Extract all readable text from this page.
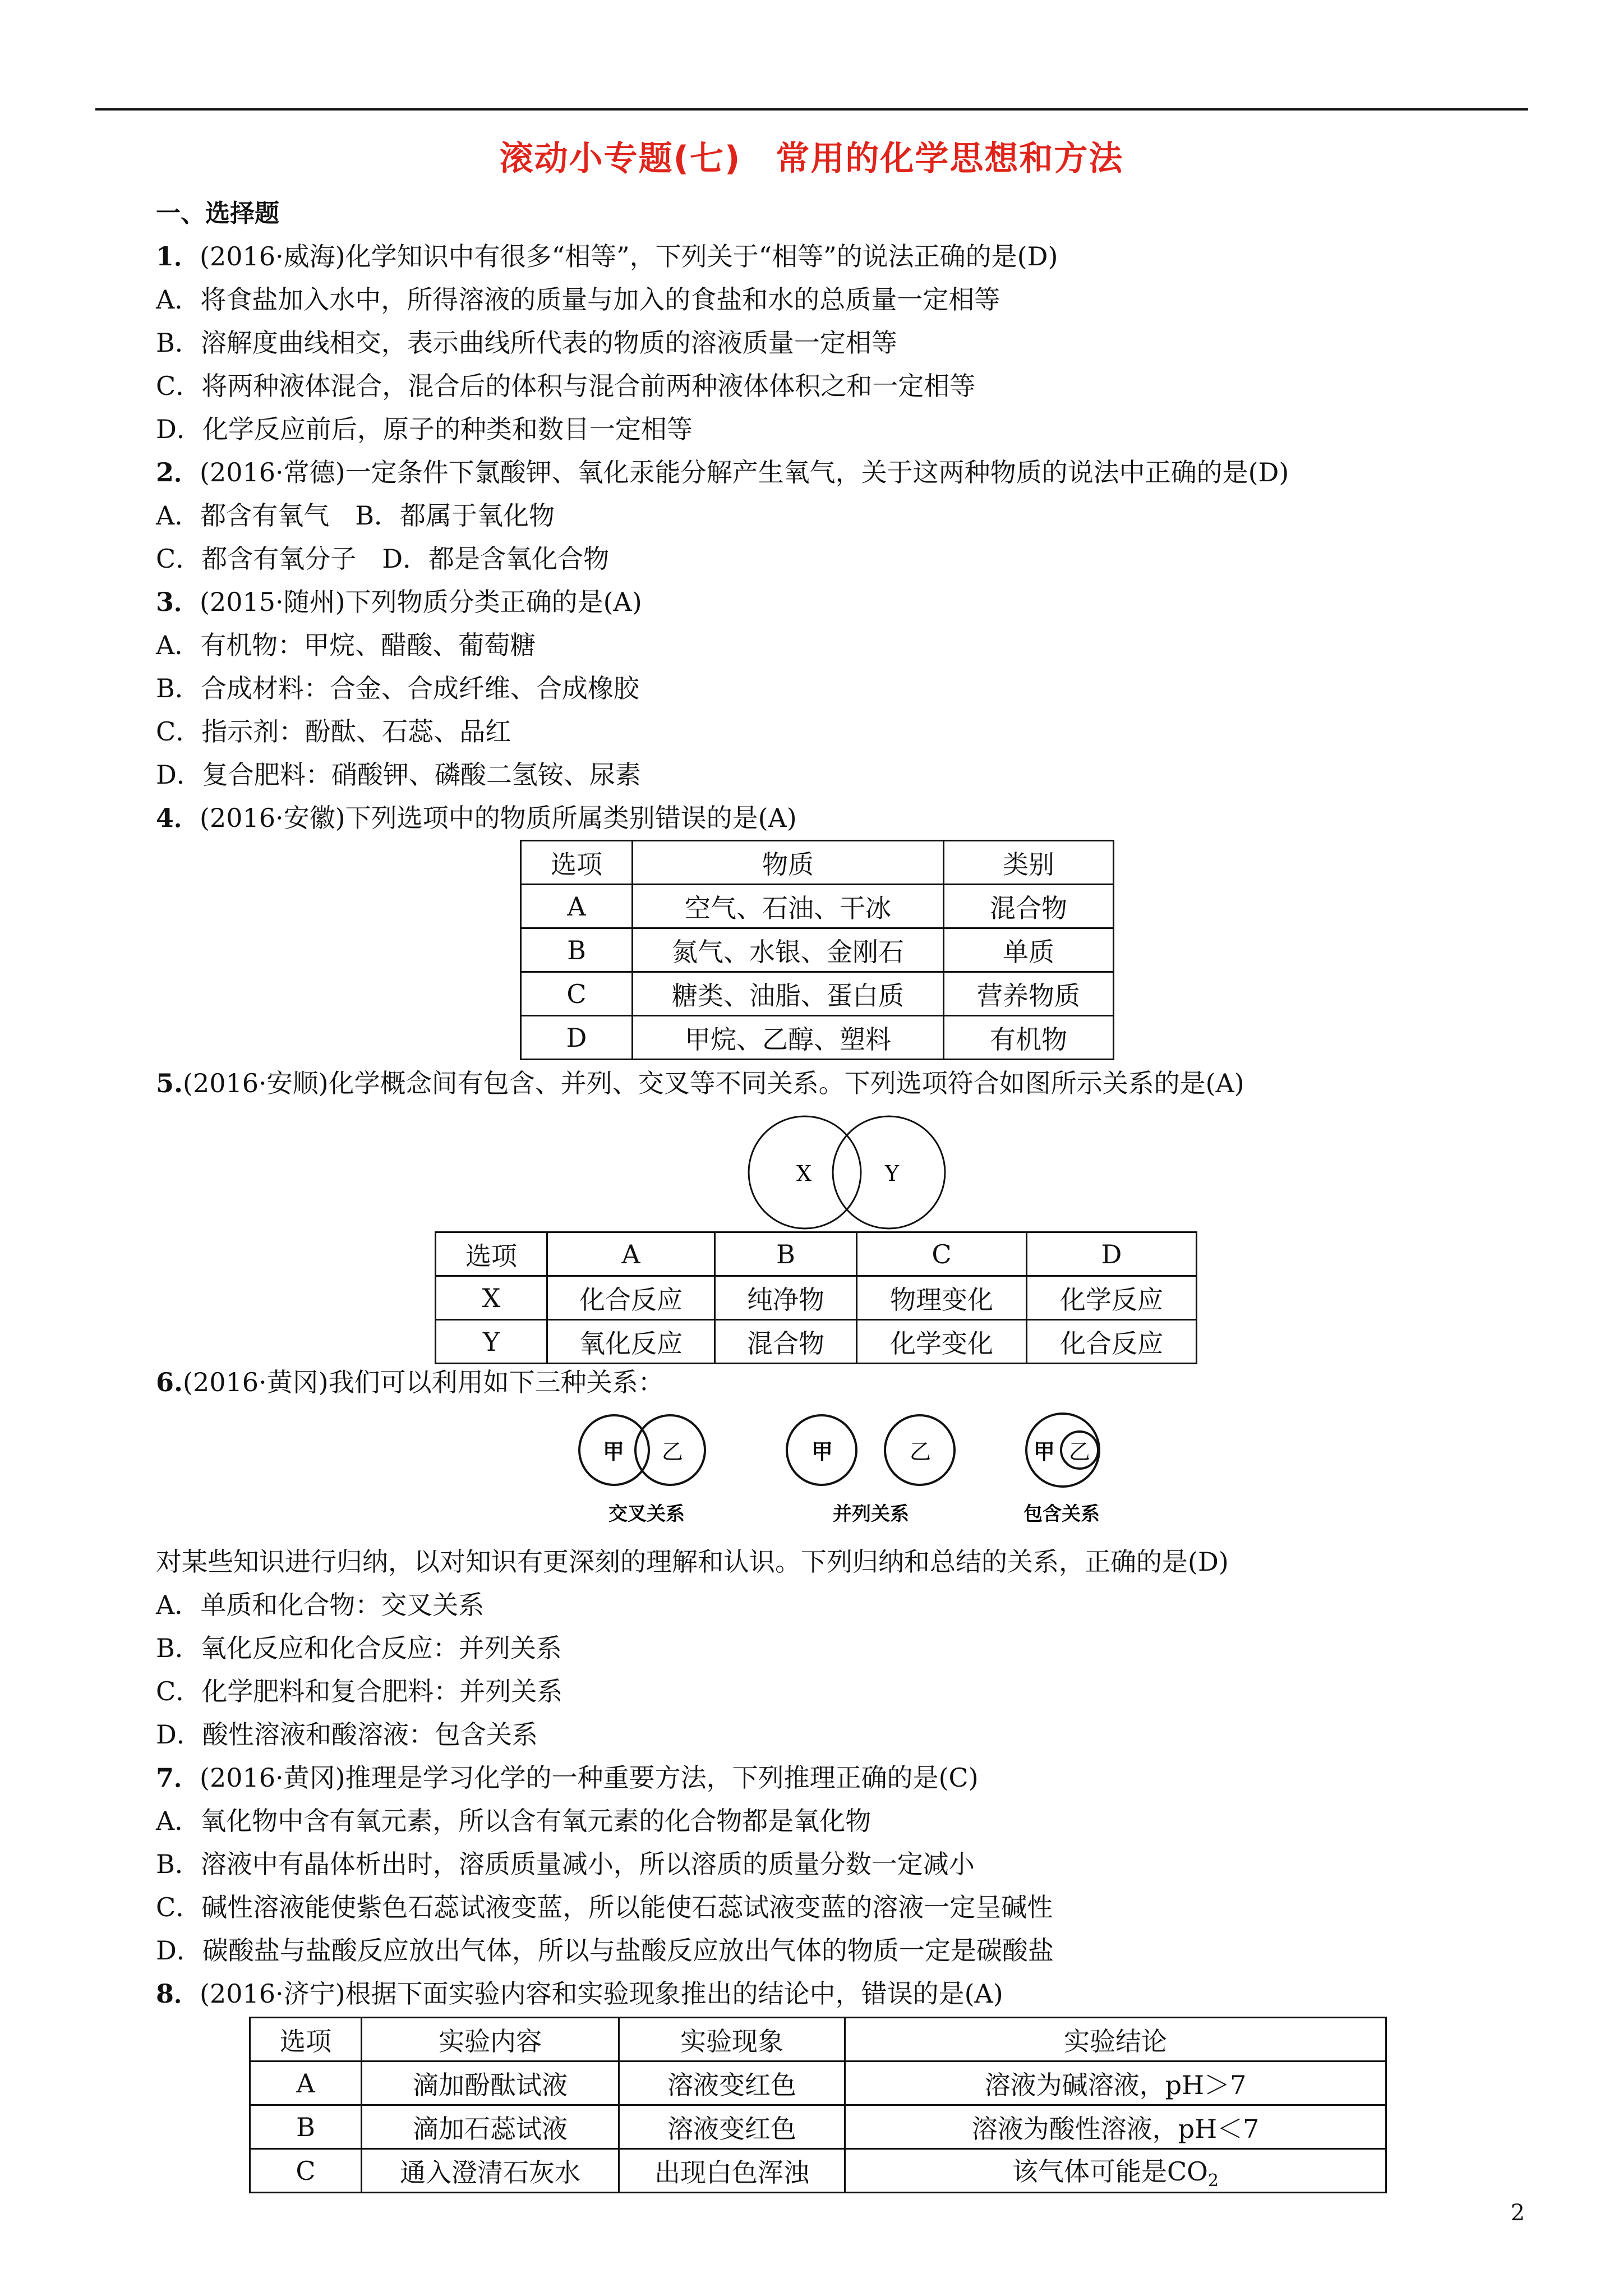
滚动小专题(七)　常用的化学思想和方法
一、选择题
1．(2016·威海)化学知识中有很多“相等”，下列关于“相等”的说法正确的是(D)
A．将食盐加入水中，所得溶液的质量与加入的食盐和水的总质量一定相等
B．溶解度曲线相交，表示曲线所代表的物质的溶液质量一定相等
C．将两种液体混合，混合后的体积与混合前两种液体体积之和一定相等
D．化学反应前后，原子的种类和数目一定相等
2．(2016·常德)一定条件下氯酸钾、氧化汞能分解产生氧气，关于这两种物质的说法中正确的是(D)
A．都含有氧气　B．都属于氧化物
C．都含有氧分子　D．都是含氧化合物
3．(2015·随州)下列物质分类正确的是(A)
A．有机物：甲烷、醋酸、葡萄糖
B．合成材料：合金、合成纤维、合成橡胶
C．指示剂：酚酞、石蕊、品红
D．复合肥料：硝酸钾、磷酸二氢铵、尿素
4．(2016·安徽)下列选项中的物质所属类别错误的是(A)
选项	物质	类别
A	空气、石油、干冰	混合物
B	氮气、水银、金刚石	单质
C	糖类、油脂、蛋白质	营养物质
D	甲烷、乙醇、塑料	有机物
5.(2016·安顺)化学概念间有包含、并列、交叉等不同关系。下列选项符合如图所示关系的是(A)
X	Y
选项	A	B	C	D
X	化合反应	纯净物	物理变化	化学反应
Y	氧化反应	混合物	化学变化	化合反应
6.(2016·黄冈)我们可以利用如下三种关系：
甲 乙
交叉关系
甲	乙
并列关系
甲 乙
包含关系
对某些知识进行归纳，以对知识有更深刻的理解和认识。下列归纳和总结的关系，正确的是(D)
A．单质和化合物：交叉关系
B．氧化反应和化合反应：并列关系
C．化学肥料和复合肥料：并列关系
D．酸性溶液和酸溶液：包含关系
7．(2016·黄冈)推理是学习化学的一种重要方法，下列推理正确的是(C)
A．氧化物中含有氧元素，所以含有氧元素的化合物都是氧化物
B．溶液中有晶体析出时，溶质质量减小，所以溶质的质量分数一定减小
C．碱性溶液能使紫色石蕊试液变蓝，所以能使石蕊试液变蓝的溶液一定呈碱性
D．碳酸盐与盐酸反应放出气体，所以与盐酸反应放出气体的物质一定是碳酸盐
8．(2016·济宁)根据下面实验内容和实验现象推出的结论中，错误的是(A)
选项	实验内容	实验现象	实验结论
A	滴加酚酞试液	溶液变红色	溶液为碱溶液，pH＞7
B	滴加石蕊试液	溶液变红色	溶液为酸性溶液，pH＜7
C	通入澄清石灰水	出现白色浑浊	该气体可能是$CO_2$
2
